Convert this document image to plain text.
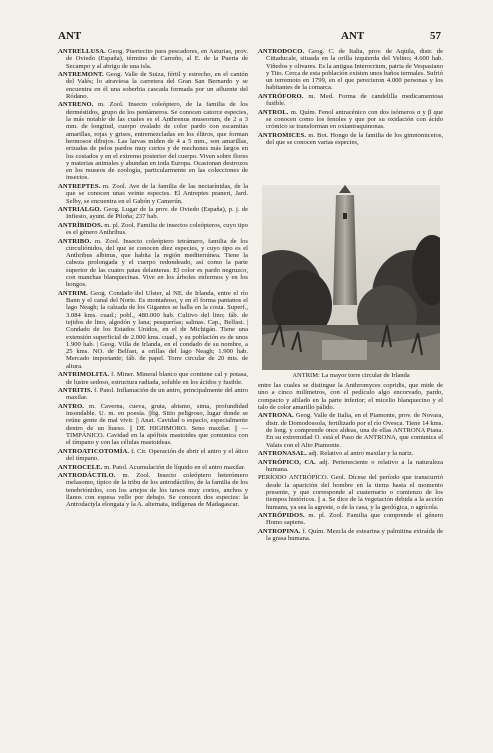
ANT	ANT	57
ANTRELLUSA. Geog. Puertecito para pescadores, en Asturias, prov. de Oviedo (España), término de Carreño, al E. de la Puerta de Secampo y al abrigo de una isla.
ANTREMONT. Geog. Valle de Suiza, fértil y estrecho, en el cantón del Valés; lo atraviesa la carretera del Gran San Bernardo y se encuentra en él una soberbia cascada formada por un afluente del Ródano.
ANTRENO. m. Zool. Insecto coleóptero, de la familia de los derméstidos, grupo de los pentámeros. Se conocen catorce especies, la más notable de las cuales es el Anthrenus museorum, de 2 a 3 mm. de longitud, cuerpo ovalado de color pardo con escamitas amarillas, rojas y grises, entremezcladas en los élitros, que forman hermosos dibujos. Las larvas miden de 4 a 5 mm., son amarillas, erizadas de pelos pardos muy cortos y de mechones más largos en los costados y en el extremo posterior del cuerpo. Viven sobre flores y materias animales y abundan en toda Europa. Ocasionan destrozos en los museos de zoología, particularmente en las colecciones de insectos.
ANTREPTES. m. Zool. Ave de la familia de las nectarínidas, de la que se conocen unas veinte especies. El Antreptes praneri, Jard. Selby, se encuentra en el Gabón y Camerún.
ANTRIALGO. Geog. Lugar de la prov. de Oviedo (España), p. j. de Infiesto, ayunt. de Piloña; 237 hab.
ANTRÍBIDOS. m. pl. Zool. Familia de insectos coleópteros, cuyo tipo es el género Anthribus.
ANTRIBO. m. Zool. Insecto coleóptero tetrámero, familia de los curculiónidos, del que se conocen diez especies, y cuyo tipo es el Anthribus albinus, que habita la región mediterránea. Tiene la cabeza prolongada y el cuerpo redondeado, así como la parte superior de las cuatro patas delanteras. El color es pardo negruzco, con manchas blanquecinas. Vive en los árboles enfermos y en los hongos.
ANTRIM. Geog. Condado del Ulster, al NE. de Irlanda, entre el río Bann y el canal del Norte. Es montañoso, y en él forma pantanos el lago Neagh; la calzada de los Gigantes se halla en la costa. Superf., 3.084 kms. cuad.; pobl., 480.000 hab. Cultivo del lino; fáb. de tejidos de lino, algodón y lana; pesquerías; salinas. Cap., Belfast. | Condado de los Estados Unidos, en el de Michigán. Tiene una extensión superficial de 2.000 kms. cuad., y su población es de unos 1.900 hab. | Geog. Villa de Irlanda, en el condado de su nombre, a 25 kms. NO. de Belfast, a orillas del lago Neagh; 1.900 hab. Mercado importante; fáb. de papel. Torre circular de 20 mts. de altura.
ANTRIMOLITA. f. Miner. Mineral blanco que contiene cal y potasa, de lustre sedoso, estructura radiada, soluble en los ácidos y fusible.
ANTRITIS. f. Patol. Inflamación de un antro, principalmente del antro maxilar.
ANTRO. m. Caverna, cueva, gruta, abismo, sima, profundidad insondable. U. m. en poesía. ||fig. Sitio peligroso, lugar donde se reúne gente de mal vivir. || Anat. Cavidad o espacio, especialmente dentro de un hueso. || DE HIGHMORO. Seno maxilar. || — TIMPÁNICO. Cavidad en la apófisis mastoides que comunica con el tímpano y con las células mastoideas.
ANTROATICOTOMÍA. f. Cir. Operación de abrir el antro y el ático del tímpano.
ANTROCELE. m. Patol. Acumulación de líquido en el antro maxilar.
ANTRODÁCTILO. m. Zool. Insecto coleóptero heterómero melasomo, típico de la tribu de los antrodáctilos, de la familia de los tenebriónidos, con los artejos de los tarsos muy cortos, anchos y llanos con espesa vello por debajo. Se conocen dos especies: la Antrodactyla elongata y la A. alternata, indígenas de Madagascar.
ANTRODOCO. Geog. C. de Italia, prov. de Aquila, distr. de Cittaducale, situada en la orilla izquierda del Velino; 4.600 hab. Viñedos y olivares. Es la antigua Interocrium, patria de Vespasiano y Tito. Cerca de esta población existen unos baños termales. Sufrió un terremoto en 1799, en el que perecieron 4.000 personas y los habitantes de la comarca.
ANTRÓFORO. m. Med. Forma de candelilla medicamentosa fusible.
ANTROL. m. Quím. Fenol antracénico con dos isómeros α y β que se conocen como los fenoles y que por su oxidación con ácido crómico se transforman en oxiantraquinonas.
ANTROMICES. m. Bot. Hongo de la familia de los gimnomicetos, del que se conocen varias especies,
ANTRIM: La mayor torre circular de Irlanda
entre las cuales se distingue la Anthromyces copridis, que mide de uno a cinco milímetros, con el pedículo algo encorvado, pardo, compacto y afilado en la parte inferior; el micelio blanquecino y el talo de color amarillo pálido.
ANTRONA. Geog. Valle de Italia, en el Piamonte, prov. de Novara, distr. de Domodossola, fertilizado por el río Ovesca. Tiene 14 kms. de long. y comprende once aldeas, una de ellas ANTRONA Piana. En su extremidad O. está el Paso de ANTRONA, que comunica el Valais con el Alto Piamonte.
ANTRONASAL. adj. Relativo al antro maxilar y la nariz.
ANTRÓPICO, CA. adj. Perteneciente o relativo a la naturaleza humana.
PERÍODO ANTRÓPICO. Geol. Dícese del período que transcurrió desde la aparición del hombre en la tierra hasta el momento presente, y que corresponde al cuaternario o comienzo de los tiempos históricos. || a. Se dice de la vegetación debida a la acción humana, ya sea la agreste, o de la casa, y la geológica, o agrícola.
ANTRÓPIDOS. m. pl. Zool. Familia que comprende el género Homo sapiens.
ANTROPINA. f. Quím. Mezcla de estearina y palmitina extraída de la grasa humana.
